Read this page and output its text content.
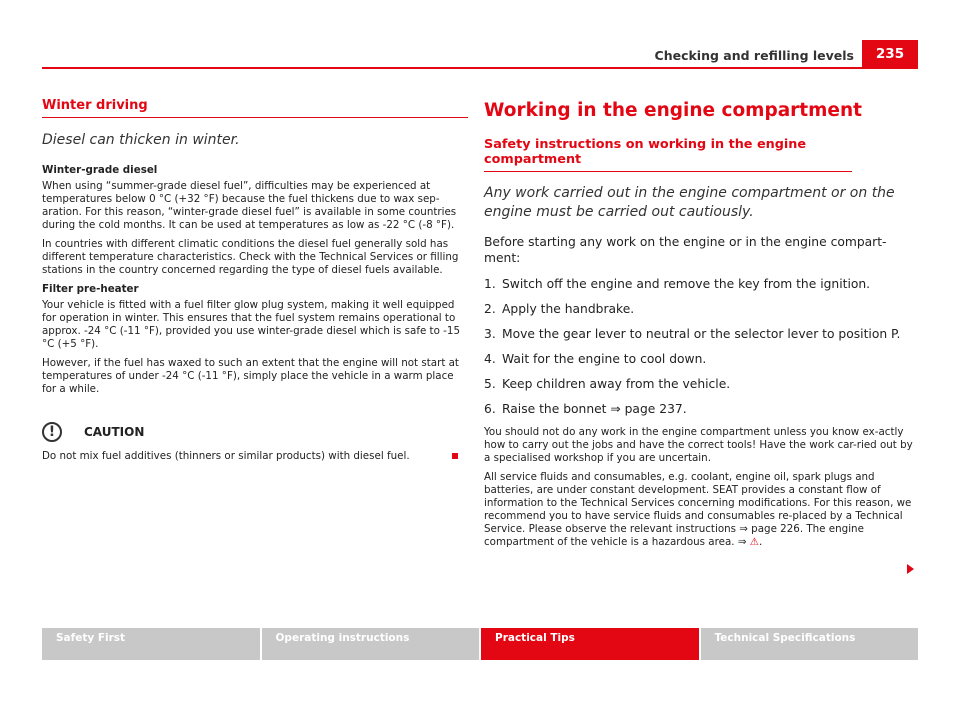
Checking and refilling levels	235
Winter driving
Diesel can thicken in winter.
Winter-grade diesel

When using “summer-grade diesel fuel”, difficulties may be experienced at temperatures below 0 °C (+32 °F) because the fuel thickens due to wax sep-aration. For this reason, “winter-grade diesel fuel” is available in some countries during the cold months. It can be used at temperatures as low as -22 °C (-8 °F).

In countries with different climatic conditions the diesel fuel generally sold has different temperature characteristics. Check with the Technical Services or filling stations in the country concerned regarding the type of diesel fuels available.

Filter pre-heater

Your vehicle is fitted with a fuel filter glow plug system, making it well equipped for operation in winter. This ensures that the fuel system remains operational to approx. -24 °C (-11 °F), provided you use winter-grade diesel which is safe to -15 °C (+5 °F).

However, if the fuel has waxed to such an extent that the engine will not start at temperatures of under -24 °C (-11 °F), simply place the vehicle in a warm place for a while.

!	CAUTION
Do not mix fuel additives (thinners or similar products) with diesel fuel.
Working in the engine compartment
Safety instructions on working in the engine compartment
Any work carried out in the engine compartment or on the engine must be carried out cautiously.

Before starting any work on the engine or in the engine compart-ment:

1. Switch off the engine and remove the key from the ignition.
2. Apply the handbrake.
3. Move the gear lever to neutral or the selector lever to position P.
4. Wait for the engine to cool down.
5. Keep children away from the vehicle.
6. Raise the bonnet ⇒ page 237.

You should not do any work in the engine compartment unless you know ex-actly how to carry out the jobs and have the correct tools! Have the work car-ried out by a specialised workshop if you are uncertain.

All service fluids and consumables, e.g. coolant, engine oil, spark plugs and batteries, are under constant development. SEAT provides a constant flow of information to the Technical Services concerning modifications. For this reason, we recommend you to have service fluids and consumables re-placed by a Technical Service. Please observe the relevant instructions ⇒ page 226. The engine compartment of the vehicle is a hazardous area. ⇒ ⚠.

Safety First	Operating instructions	Practical Tips	Technical Specifications
